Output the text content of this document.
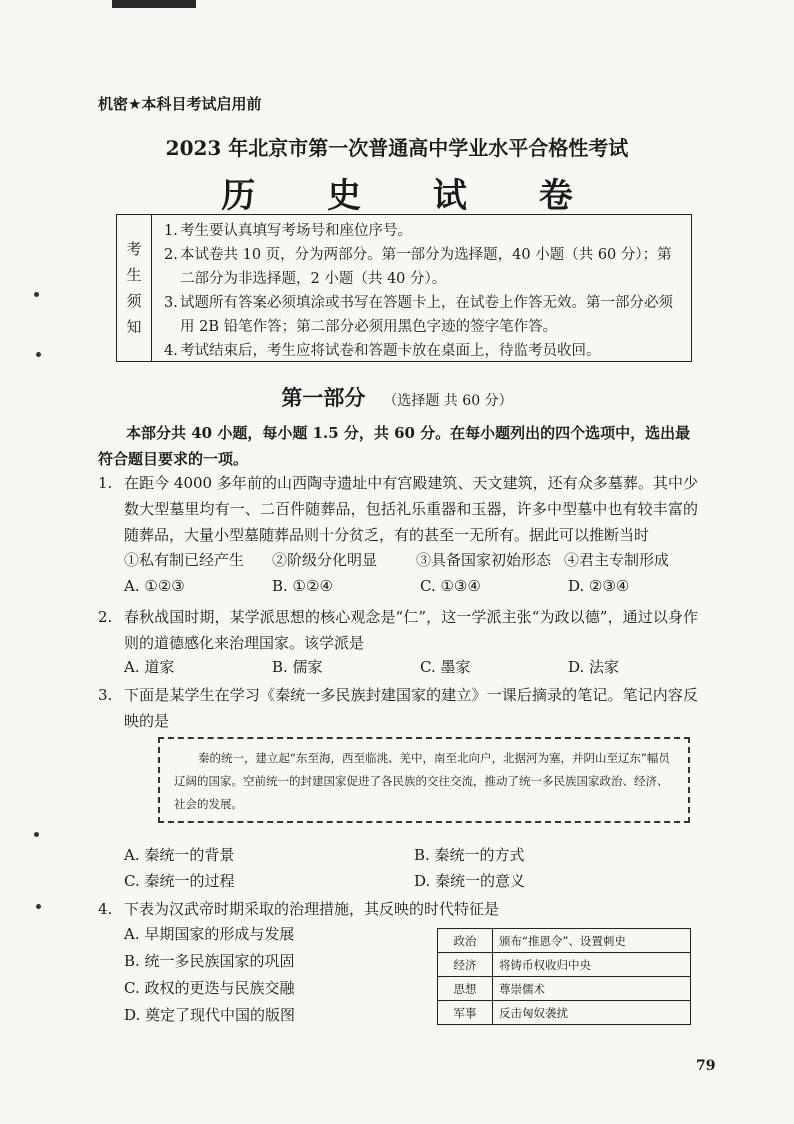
机密★本科目考试启用前
2023 年北京市第一次普通高中学业水平合格性考试
历 史 试 卷
考
生
须
知
1. 考生要认真填写考场号和座位序号。
2. 本试卷共 10 页，分为两部分。第一部分为选择题，40 小题（共 60 分）；第二部分为非选择题，2 小题（共 40 分）。
3. 试题所有答案必须填涂或书写在答题卡上，在试卷上作答无效。第一部分必须用 2B 铅笔作答；第二部分必须用黑色字迹的签字笔作答。
4. 考试结束后，考生应将试卷和答题卡放在桌面上，待监考员收回。
第一部分 （选择题 共 60 分）
本部分共 40 小题，每小题 1.5 分，共 60 分。在每小题列出的四个选项中，选出最符合题目要求的一项。
1. 在距今 4000 多年前的山西陶寺遗址中有宫殿建筑、天文建筑，还有众多墓葬。其中少数大型墓里均有一、二百件随葬品，包括礼乐重器和玉器，许多中型墓中也有较丰富的随葬品，大量小型墓随葬品则十分贫乏，有的甚至一无所有。据此可以推断当时
①私有制已经产生	②阶级分化明显	③具备国家初始形态 ④君主专制形成
A. ①②③	B. ①②④	C. ①③④	D. ②③④
2. 春秋战国时期，某学派思想的核心观念是“仁”，这一学派主张“为政以德”，通过以身作则的道德感化来治理国家。该学派是
A. 道家	B. 儒家	C. 墨家	D. 法家
3. 下面是某学生在学习《秦统一多民族封建国家的建立》一课后摘录的笔记。笔记内容反映的是
秦的统一，建立起“东至海，西至临洮、羌中，南至北向户，北据河为塞，并阴山至辽东”幅员辽阔的国家。空前统一的封建国家促进了各民族的交往交流，推动了统一多民族国家政治、经济、社会的发展。
A. 秦统一的背景	B. 秦统一的方式
C. 秦统一的过程	D. 秦统一的意义
4. 下表为汉武帝时期采取的治理措施，其反映的时代特征是
A. 早期国家的形成与发展
B. 统一多民族国家的巩固
C. 政权的更迭与民族交融
D. 奠定了现代中国的版图
政治	颁布“推恩令”、设置刺史
经济	将铸币权收归中央
思想	尊崇儒术
军事	反击匈奴袭扰
79
